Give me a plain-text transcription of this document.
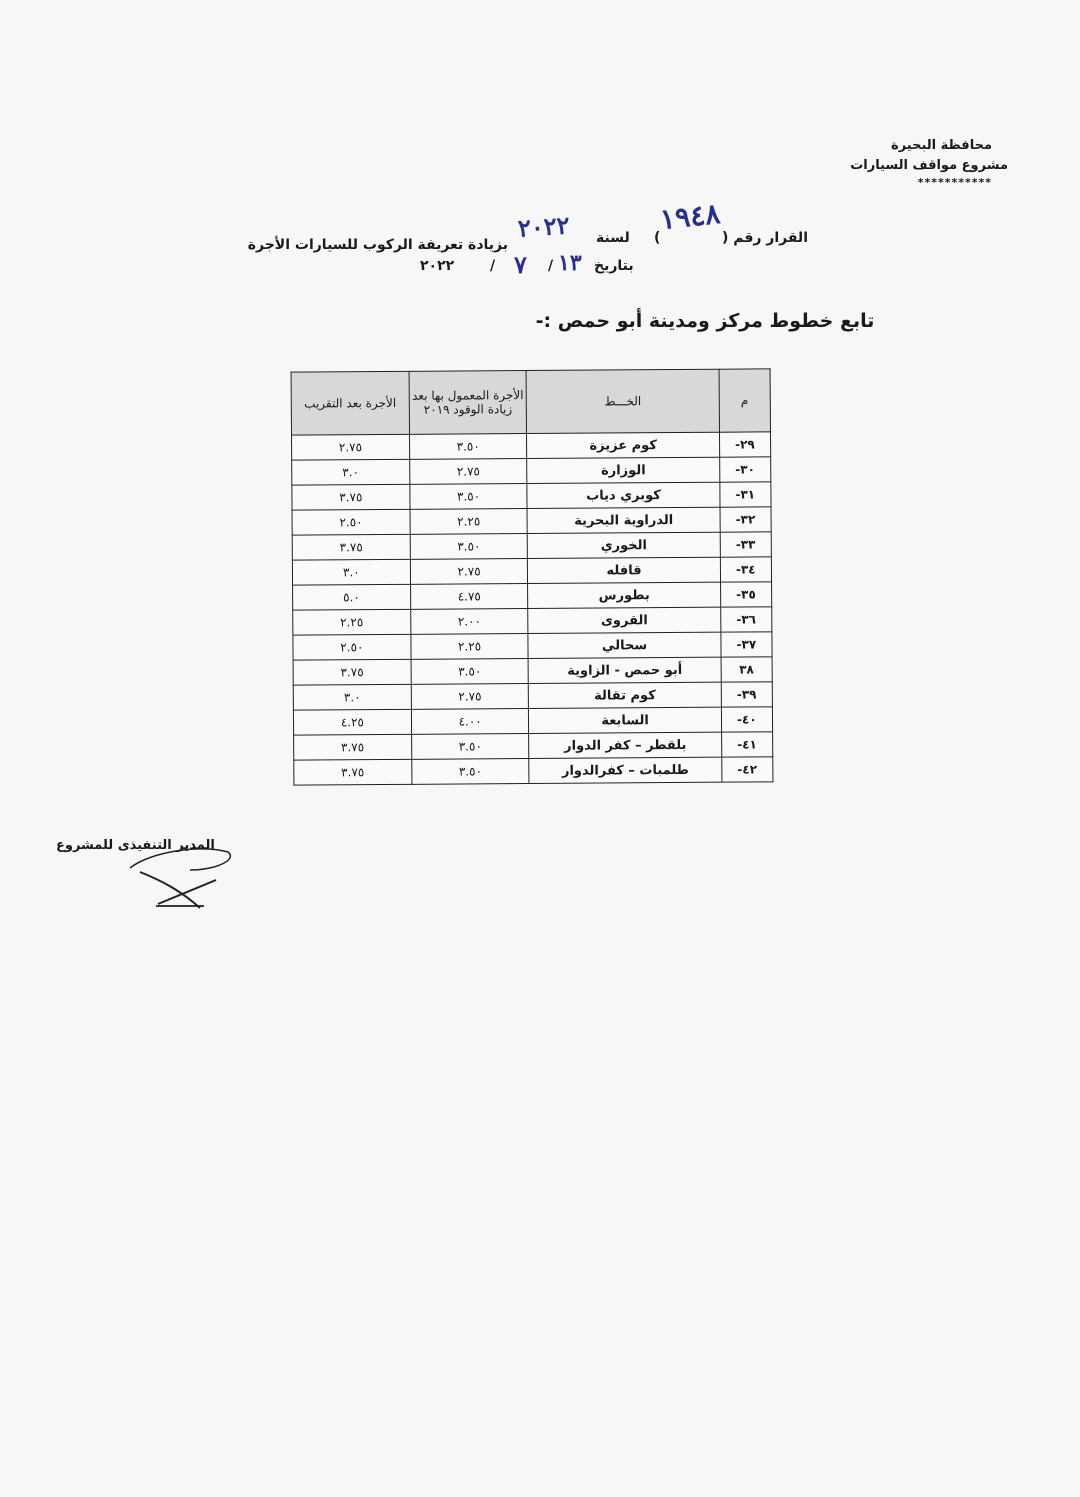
محافظة البحيرة
مشروع مواقف السيارات
***********
القرار رقم (
١٩٤٨
)
لسنة
٢٠٢٢
بزيادة تعريفة الركوب للسيارات الأجرة
بتاريخ
١٣
/
٧
/
٢٠٢٢
تابع خطوط مركز ومدينة أبو حمص :-
م	الخـــط	الأجرة المعمول بها بعد زيادة الوقود ٢٠١٩	الأجرة بعد التقريب
٢٩-	كوم عزيزة	٣.٥٠	٢.٧٥
٣٠-	الوزارة	٢.٧٥	٣.٠
٣١-	كوبري دياب	٣.٥٠	٣.٧٥
٣٢-	الدراوية البحرية	٢.٢٥	٢.٥٠
٣٣-	الخوري	٣.٥٠	٣.٧٥
٣٤-	قافله	٢.٧٥	٣.٠
٣٥-	بطورس	٤.٧٥	٥.٠
٣٦-	القروى	٢.٠٠	٢.٢٥
٣٧-	سحالي	٢.٢٥	٢.٥٠
٣٨	أبو حمص - الزاوية	٣.٥٠	٣.٧٥
٣٩-	كوم تقالة	٢.٧٥	٣.٠
٤٠-	السابعة	٤.٠٠	٤.٢٥
٤١-	بلقطر – كفر الدوار	٣.٥٠	٣.٧٥
٤٢-	طلمبات – كفرالدوار	٣.٥٠	٣.٧٥
المدير التنفيذى للمشروع
